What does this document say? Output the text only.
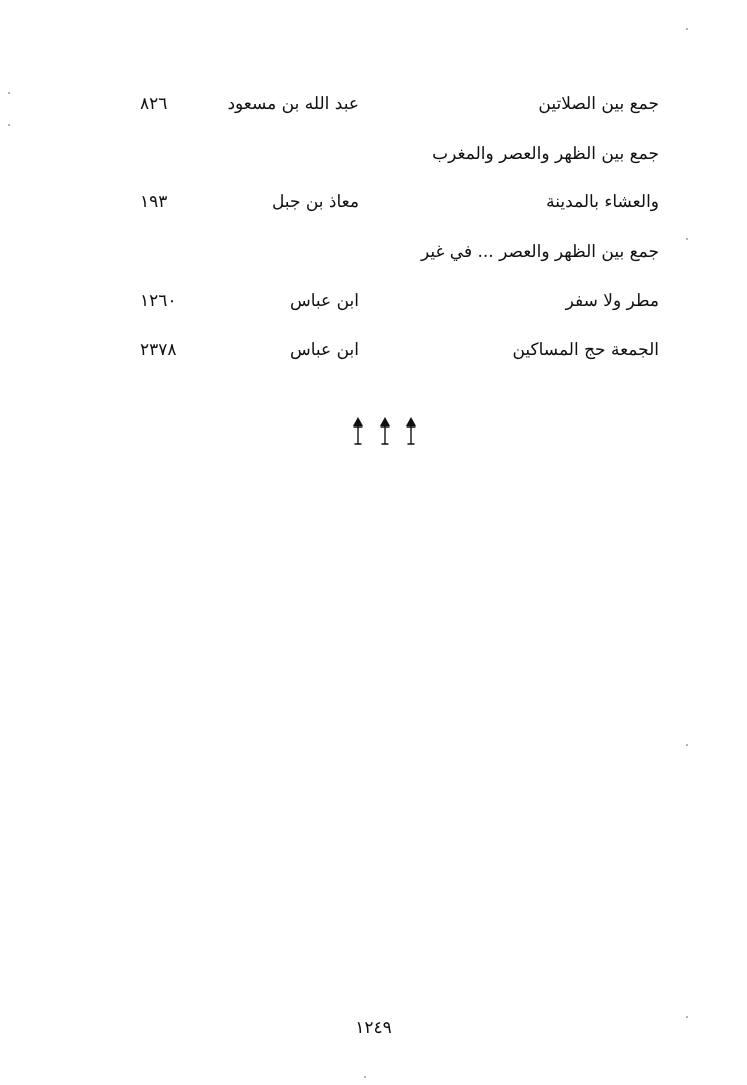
جمع بين الصلاتين
عبد الله بن مسعود
٨٢٦
جمع بين الظهر والعصر والمغرب
والعشاء بالمدينة
معاذ بن جبل
١٩٣
جمع بين الظهر والعصر ... في غير
مطر ولا سفر
ابن عباس
١٢٦٠
الجمعة حج المساكين
ابن عباس
٢٣٧٨
١٢٤٩
